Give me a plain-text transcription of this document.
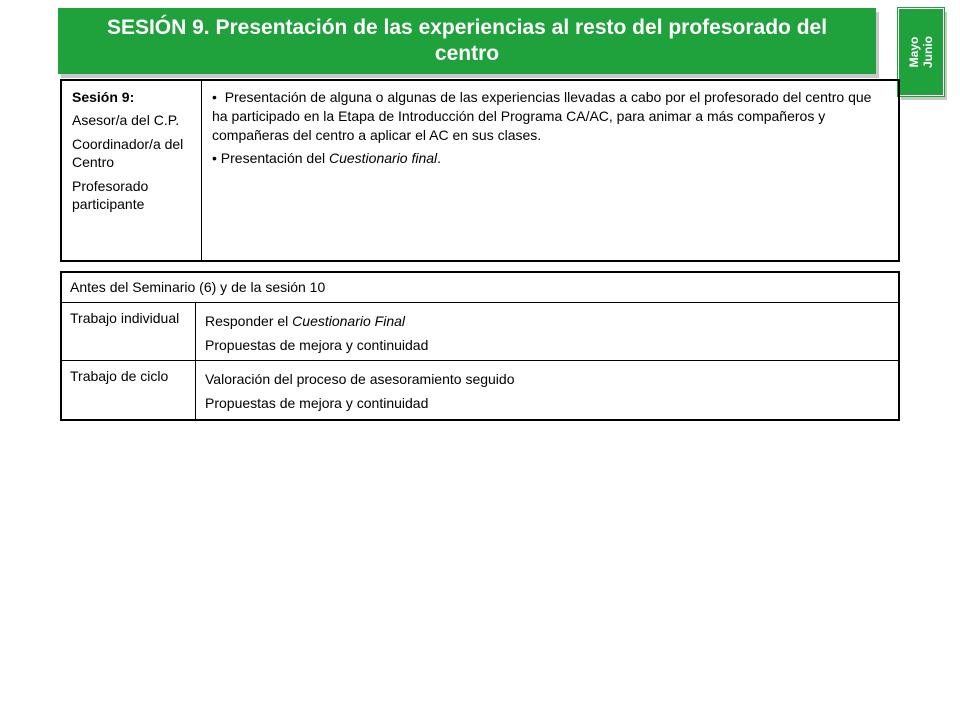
SESIÓN 9. Presentación de las experiencias al resto del profesorado del centro	Mayo Junio
Sesión 9:
Asesor/a del C.P.
Coordinador/a del Centro
Profesorado participante
•  Presentación de alguna o algunas de las experiencias llevadas a cabo por el profesorado del centro que ha participado en la Etapa de Introducción del Programa CA/AC, para animar a más compañeros y compañeras del centro a aplicar el AC en sus clases.
• Presentación del Cuestionario final.
Antes del Seminario (6) y de la sesión 10
Trabajo individual	Responder el Cuestionario Final
Propuestas de mejora y continuidad
Trabajo de ciclo	Valoración del proceso de asesoramiento seguido
Propuestas de mejora y continuidad
